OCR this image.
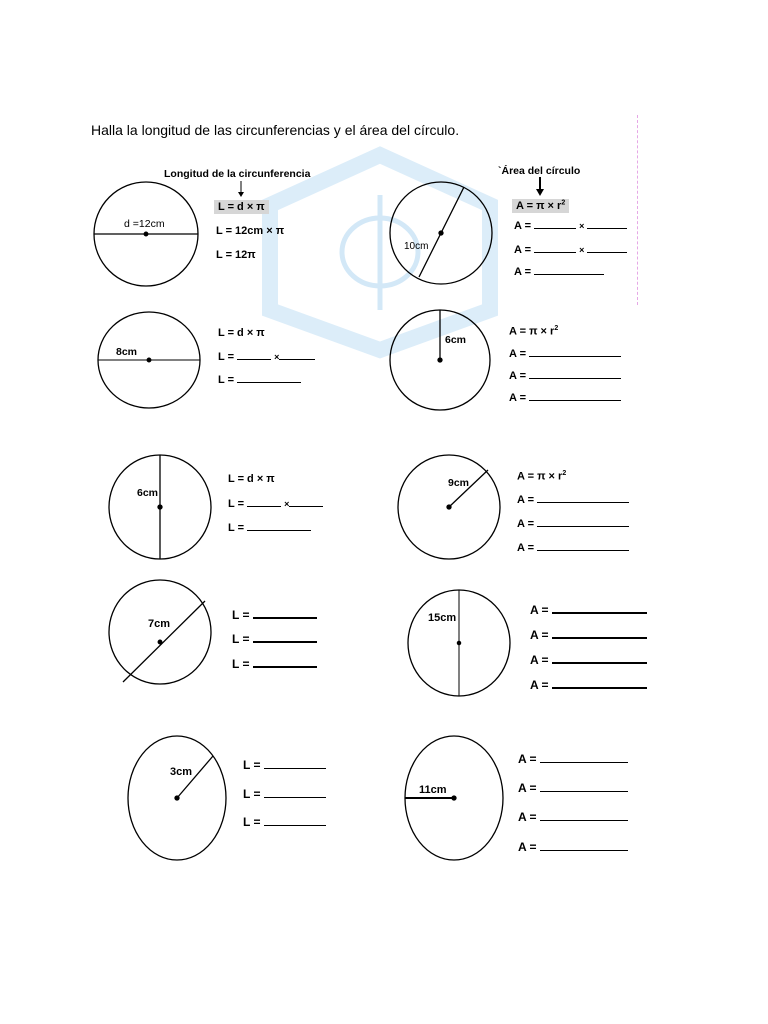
Halla la longitud de las circunferencias y el área del círculo.
Longitud de la circunferencia	`Área del círculo
d =12cm
10cm
8cm
6cm
6cm
9cm
7cm	15cm
3cm
11cm
L = d × π
L = 12cm × π
L = 12π
$A = \pi \times r^2$
A =	×
A =	×
A =
L = d × π
L =	×
L =
$A = \pi \times r^2$
A =
A =
A =
L = d × π
L =	×
L =
$A = \pi \times r^2$
A =
A =
A =
L =
L =
L =
A =
A =
A =
A =
L =
L =
L =
A =
A =
A =
A =
